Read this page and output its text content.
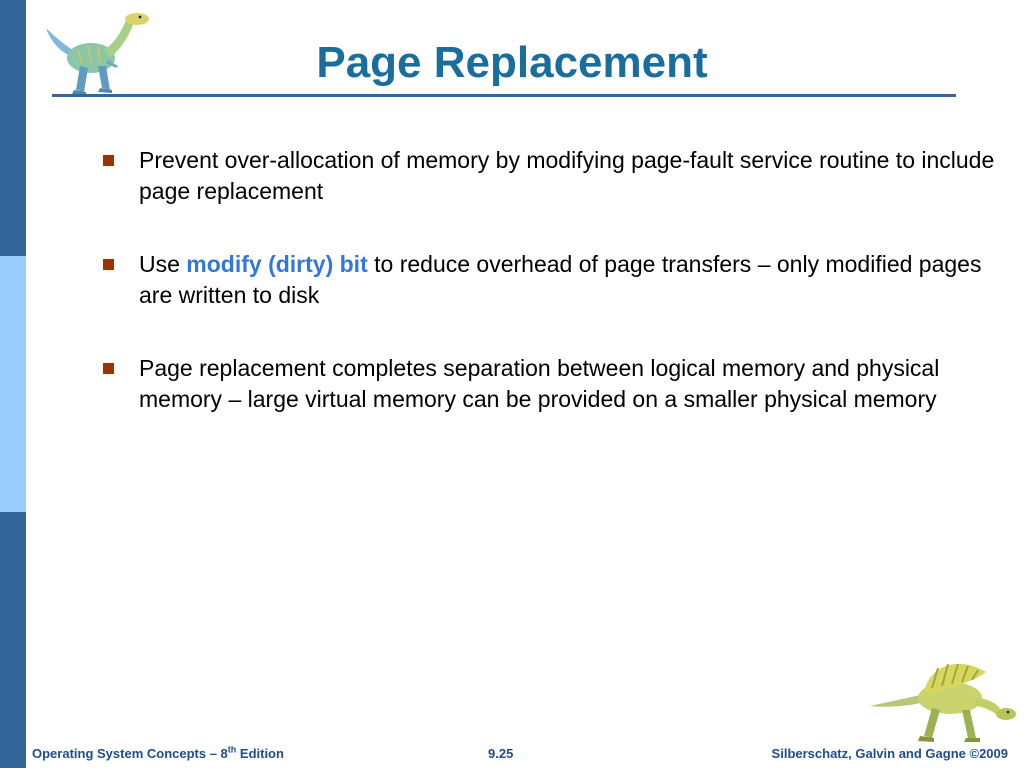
Page Replacement
Prevent over-allocation of memory by modifying page-fault service routine to include page replacement
Use modify (dirty) bit to reduce overhead of page transfers – only modified pages are written to disk
Page replacement completes separation between logical memory and physical memory – large virtual memory can be provided on a smaller physical memory
Operating System Concepts – 8th Edition	9.25	Silberschatz, Galvin and Gagne ©2009
